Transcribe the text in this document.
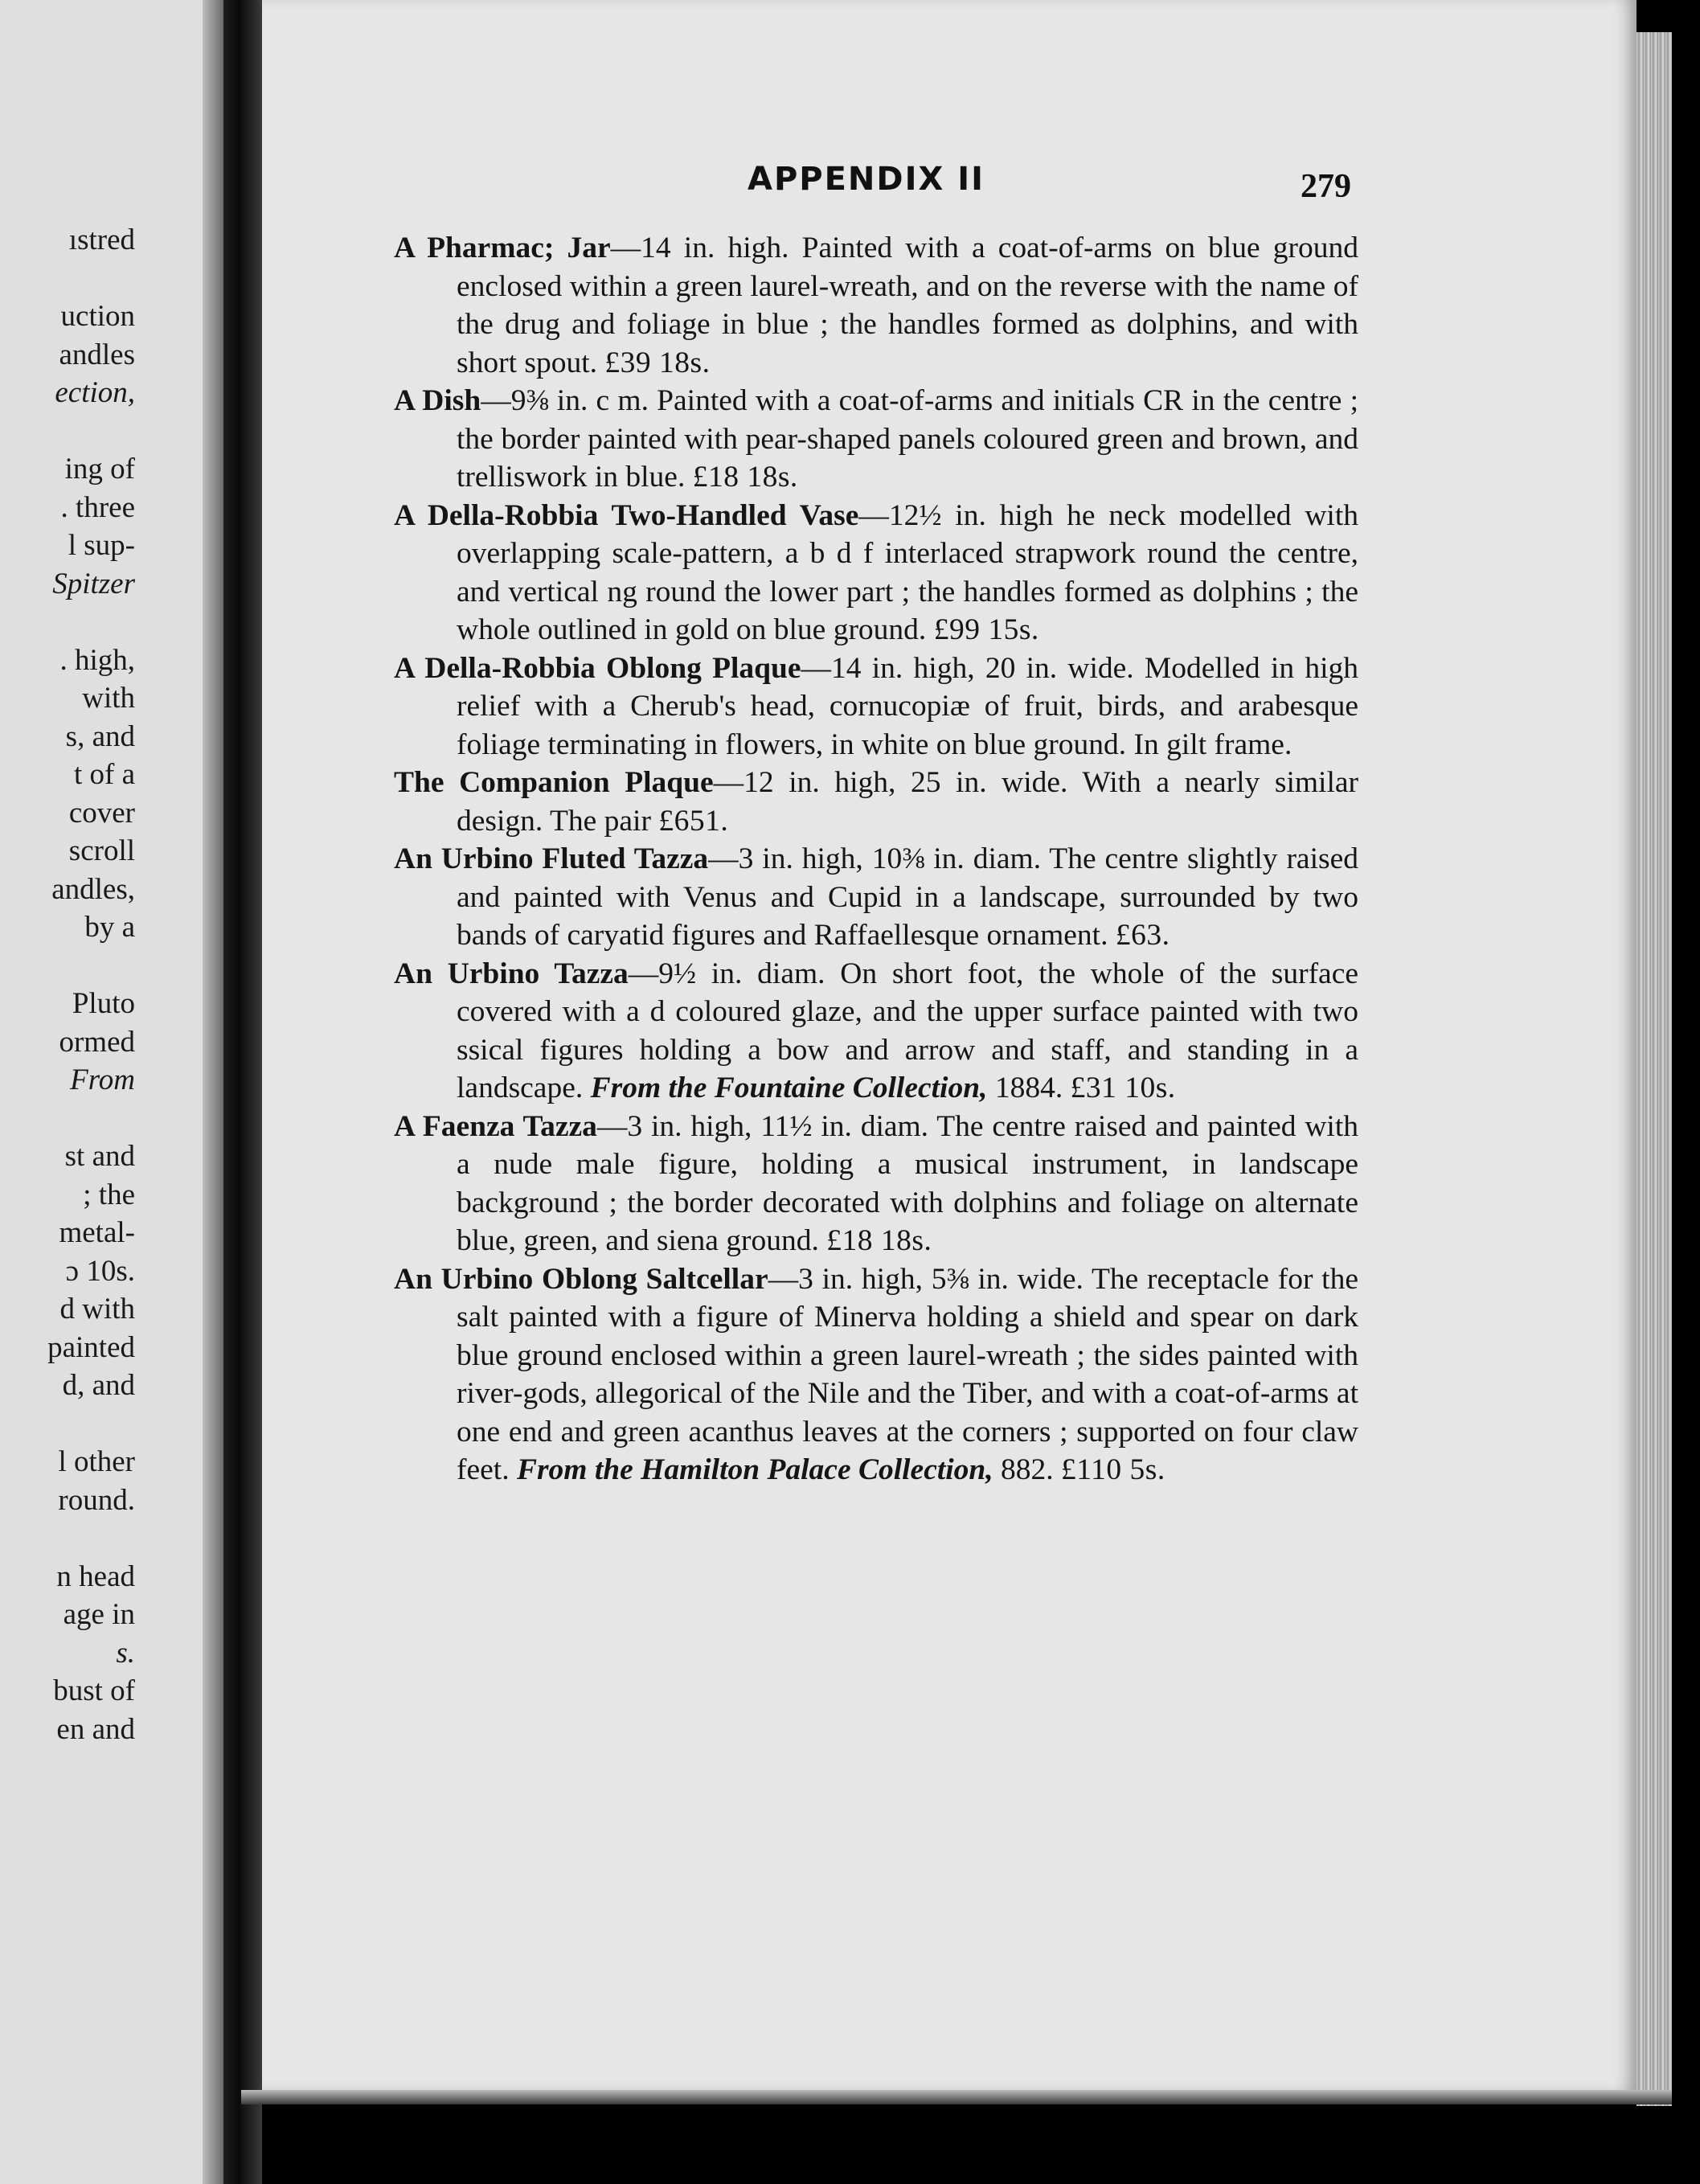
ıstred
uction
andles
ection,
ing of
. three
l sup-
Spitzer
. high,
with
s, and
t of a
cover
scroll
andles,
by a
Pluto
ormed
From
st and
; the
metal-
ɔ 10s.
d with
painted
d, and
l other
round.
n head
age in
s.
bust of
en and
APPENDIX II	279

A Pharmac; Jar—14 in. high. Painted with a coat-of-arms on blue ground enclosed within a green laurel-wreath, and on the reverse with the name of the drug and foliage in blue ; the handles formed as dolphins, and with short spout. £39 18s.

A Dish—9⅜ in. c m. Painted with a coat-of-arms and initials CR in the centre ; the border painted with pear-shaped panels coloured green and brown, and trelliswork in blue. £18 18s.

A Della-Robbia Two-Handled Vase—12½ in. high he neck modelled with overlapping scale-pattern, a b d f interlaced strapwork round the centre, and vertical ng round the lower part ; the handles formed as dolphins ; the whole outlined in gold on blue ground. £99 15s.

A Della-Robbia Oblong Plaque—14 in. high, 20 in. wide. Modelled in high relief with a Cherub's head, cornucopiæ of fruit, birds, and arabesque foliage terminating in flowers, in white on blue ground. In gilt frame.

The Companion Plaque—12 in. high, 25 in. wide. With a nearly similar design. The pair £651.

An Urbino Fluted Tazza—3 in. high, 10⅜ in. diam. The centre slightly raised and painted with Venus and Cupid in a landscape, surrounded by two bands of caryatid figures and Raffaellesque ornament. £63.

An Urbino Tazza—9½ in. diam. On short foot, the whole of the surface covered with a d coloured glaze, and the upper surface painted with two ssical figures holding a bow and arrow and staff, and standing in a landscape. From the Fountaine Collection, 1884. £31 10s.

A Faenza Tazza—3 in. high, 11½ in. diam. The centre raised and painted with a nude male figure, holding a musical instrument, in landscape background ; the border decorated with dolphins and foliage on alternate blue, green, and siena ground. £18 18s.

An Urbino Oblong Saltcellar—3 in. high, 5⅜ in. wide. The receptacle for the salt painted with a figure of Minerva holding a shield and spear on dark blue ground enclosed within a green laurel-wreath ; the sides painted with river-gods, allegorical of the Nile and the Tiber, and with a coat-of-arms at one end and green acanthus leaves at the corners ; supported on four claw feet. From the Hamilton Palace Collection, 882. £110 5s.
